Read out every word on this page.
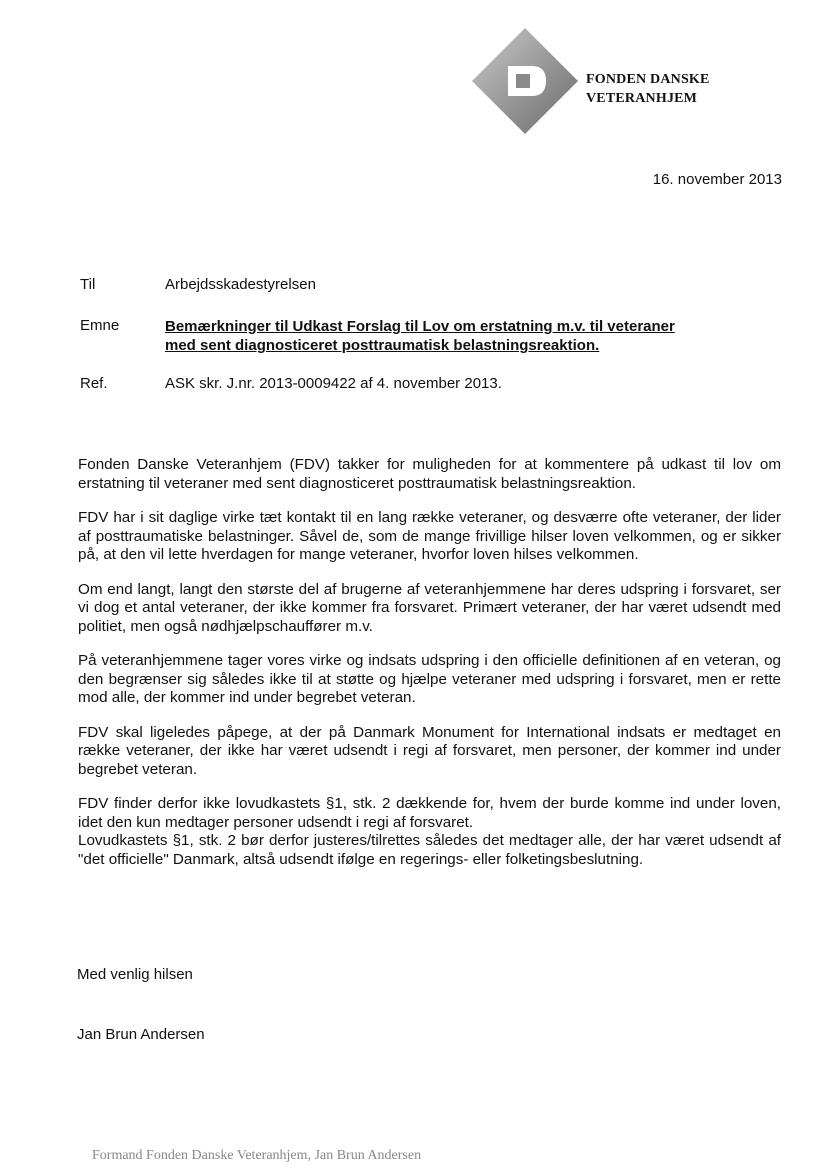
FONDEN DANSKE
VETERANHJEM
16. november 2013
Til	Arbejdsskadestyrelsen
Emne	Bemærkninger til Udkast Forslag til Lov om erstatning m.v. til veteraner
med sent diagnosticeret posttraumatisk belastningsreaktion.
Ref.	ASK skr. J.nr. 2013-0009422 af 4. november 2013.

Fonden Danske Veteranhjem (FDV) takker for muligheden for at kommentere på udkast til lov om erstatning til veteraner med sent diagnosticeret posttraumatisk belastningsreaktion.

FDV har i sit daglige virke tæt kontakt til en lang række veteraner, og desværre ofte veteraner, der lider af posttraumatiske belastninger. Såvel de, som de mange frivillige hilser loven velkommen, og er sikker på, at den vil lette hverdagen for mange veteraner, hvorfor loven hilses velkommen.

Om end langt, langt den største del af brugerne af veteranhjemmene har deres udspring i forsvaret, ser vi dog et antal veteraner, der ikke kommer fra forsvaret. Primært veteraner, der har været udsendt med politiet, men også nødhjælpschauffører m.v.

På veteranhjemmene tager vores virke og indsats udspring i den officielle definitionen af en veteran, og den begrænser sig således ikke til at støtte og hjælpe veteraner med udspring i forsvaret, men er rette mod alle, der kommer ind under begrebet veteran.

FDV skal ligeledes påpege, at der på Danmark Monument for International indsats er medtaget en række veteraner, der ikke har været udsendt i regi af forsvaret, men personer, der kommer ind under begrebet veteran.

FDV finder derfor ikke lovudkastets §1, stk. 2 dækkende for, hvem der burde komme ind under loven, idet den kun medtager personer udsendt i regi af forsvaret.

Lovudkastets §1, stk. 2 bør derfor justeres/tilrettes således det medtager alle, der har været udsendt af "det officielle" Danmark, altså udsendt ifølge en regerings- eller folketingsbeslutning.

Med venlig hilsen
Jan Brun Andersen
Formand Fonden Danske Veteranhjem, Jan Brun Andersen
